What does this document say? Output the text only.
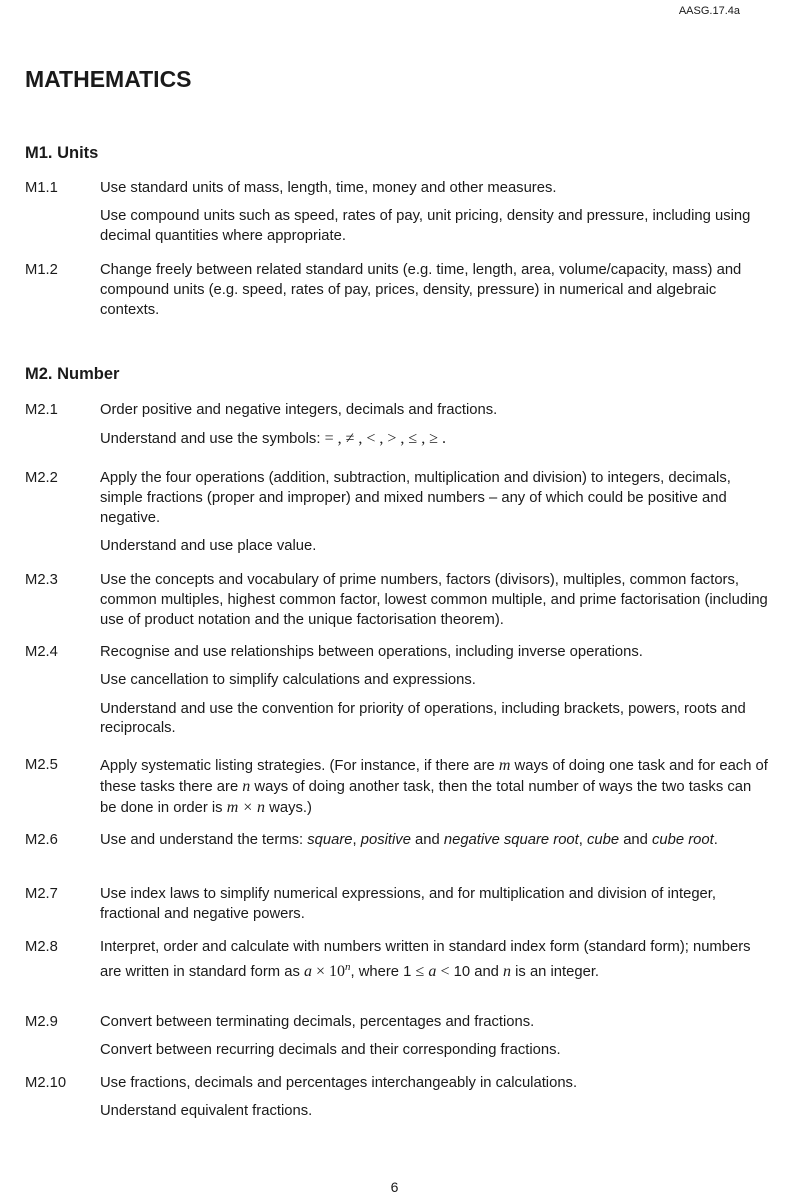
AASG.17.4a
MATHEMATICS
M1. Units
M1.1	Use standard units of mass, length, time, money and other measures.

Use compound units such as speed, rates of pay, unit pricing, density and pressure, including using decimal quantities where appropriate.

M1.2	Change freely between related standard units (e.g. time, length, area, volume/capacity, mass) and compound units (e.g. speed, rates of pay, prices, density, pressure) in numerical and algebraic contexts.

M2. Number
M2.1	Order positive and negative integers, decimals and fractions.

Understand and use the symbols: = , ≠ , < , > , ≤ , ≥ .

M2.2	Apply the four operations (addition, subtraction, multiplication and division) to integers, decimals, simple fractions (proper and improper) and mixed numbers – any of which could be positive and negative.

Understand and use place value.

M2.3	Use the concepts and vocabulary of prime numbers, factors (divisors), multiples, common factors, common multiples, highest common factor, lowest common multiple, and prime factorisation (including use of product notation and the unique factorisation theorem).

M2.4	Recognise and use relationships between operations, including inverse operations.

Use cancellation to simplify calculations and expressions.

Understand and use the convention for priority of operations, including brackets, powers, roots and reciprocals.

M2.5	Apply systematic listing strategies. (For instance, if there are m ways of doing one task and for each of these tasks there are n ways of doing another task, then the total number of ways the two tasks can be done in order is m × n ways.)

M2.6	Use and understand the terms: square, positive and negative square root, cube and cube root.

M2.7	Use index laws to simplify numerical expressions, and for multiplication and division of integer, fractional and negative powers.

M2.8	Interpret, order and calculate with numbers written in standard index form (standard form); numbers are written in standard form as $a \times 10^n$, where 1 ≤ a < 10 and n is an integer.

M2.9	Convert between terminating decimals, percentages and fractions.

Convert between recurring decimals and their corresponding fractions.

M2.10 Use fractions, decimals and percentages interchangeably in calculations.

Understand equivalent fractions.

6
